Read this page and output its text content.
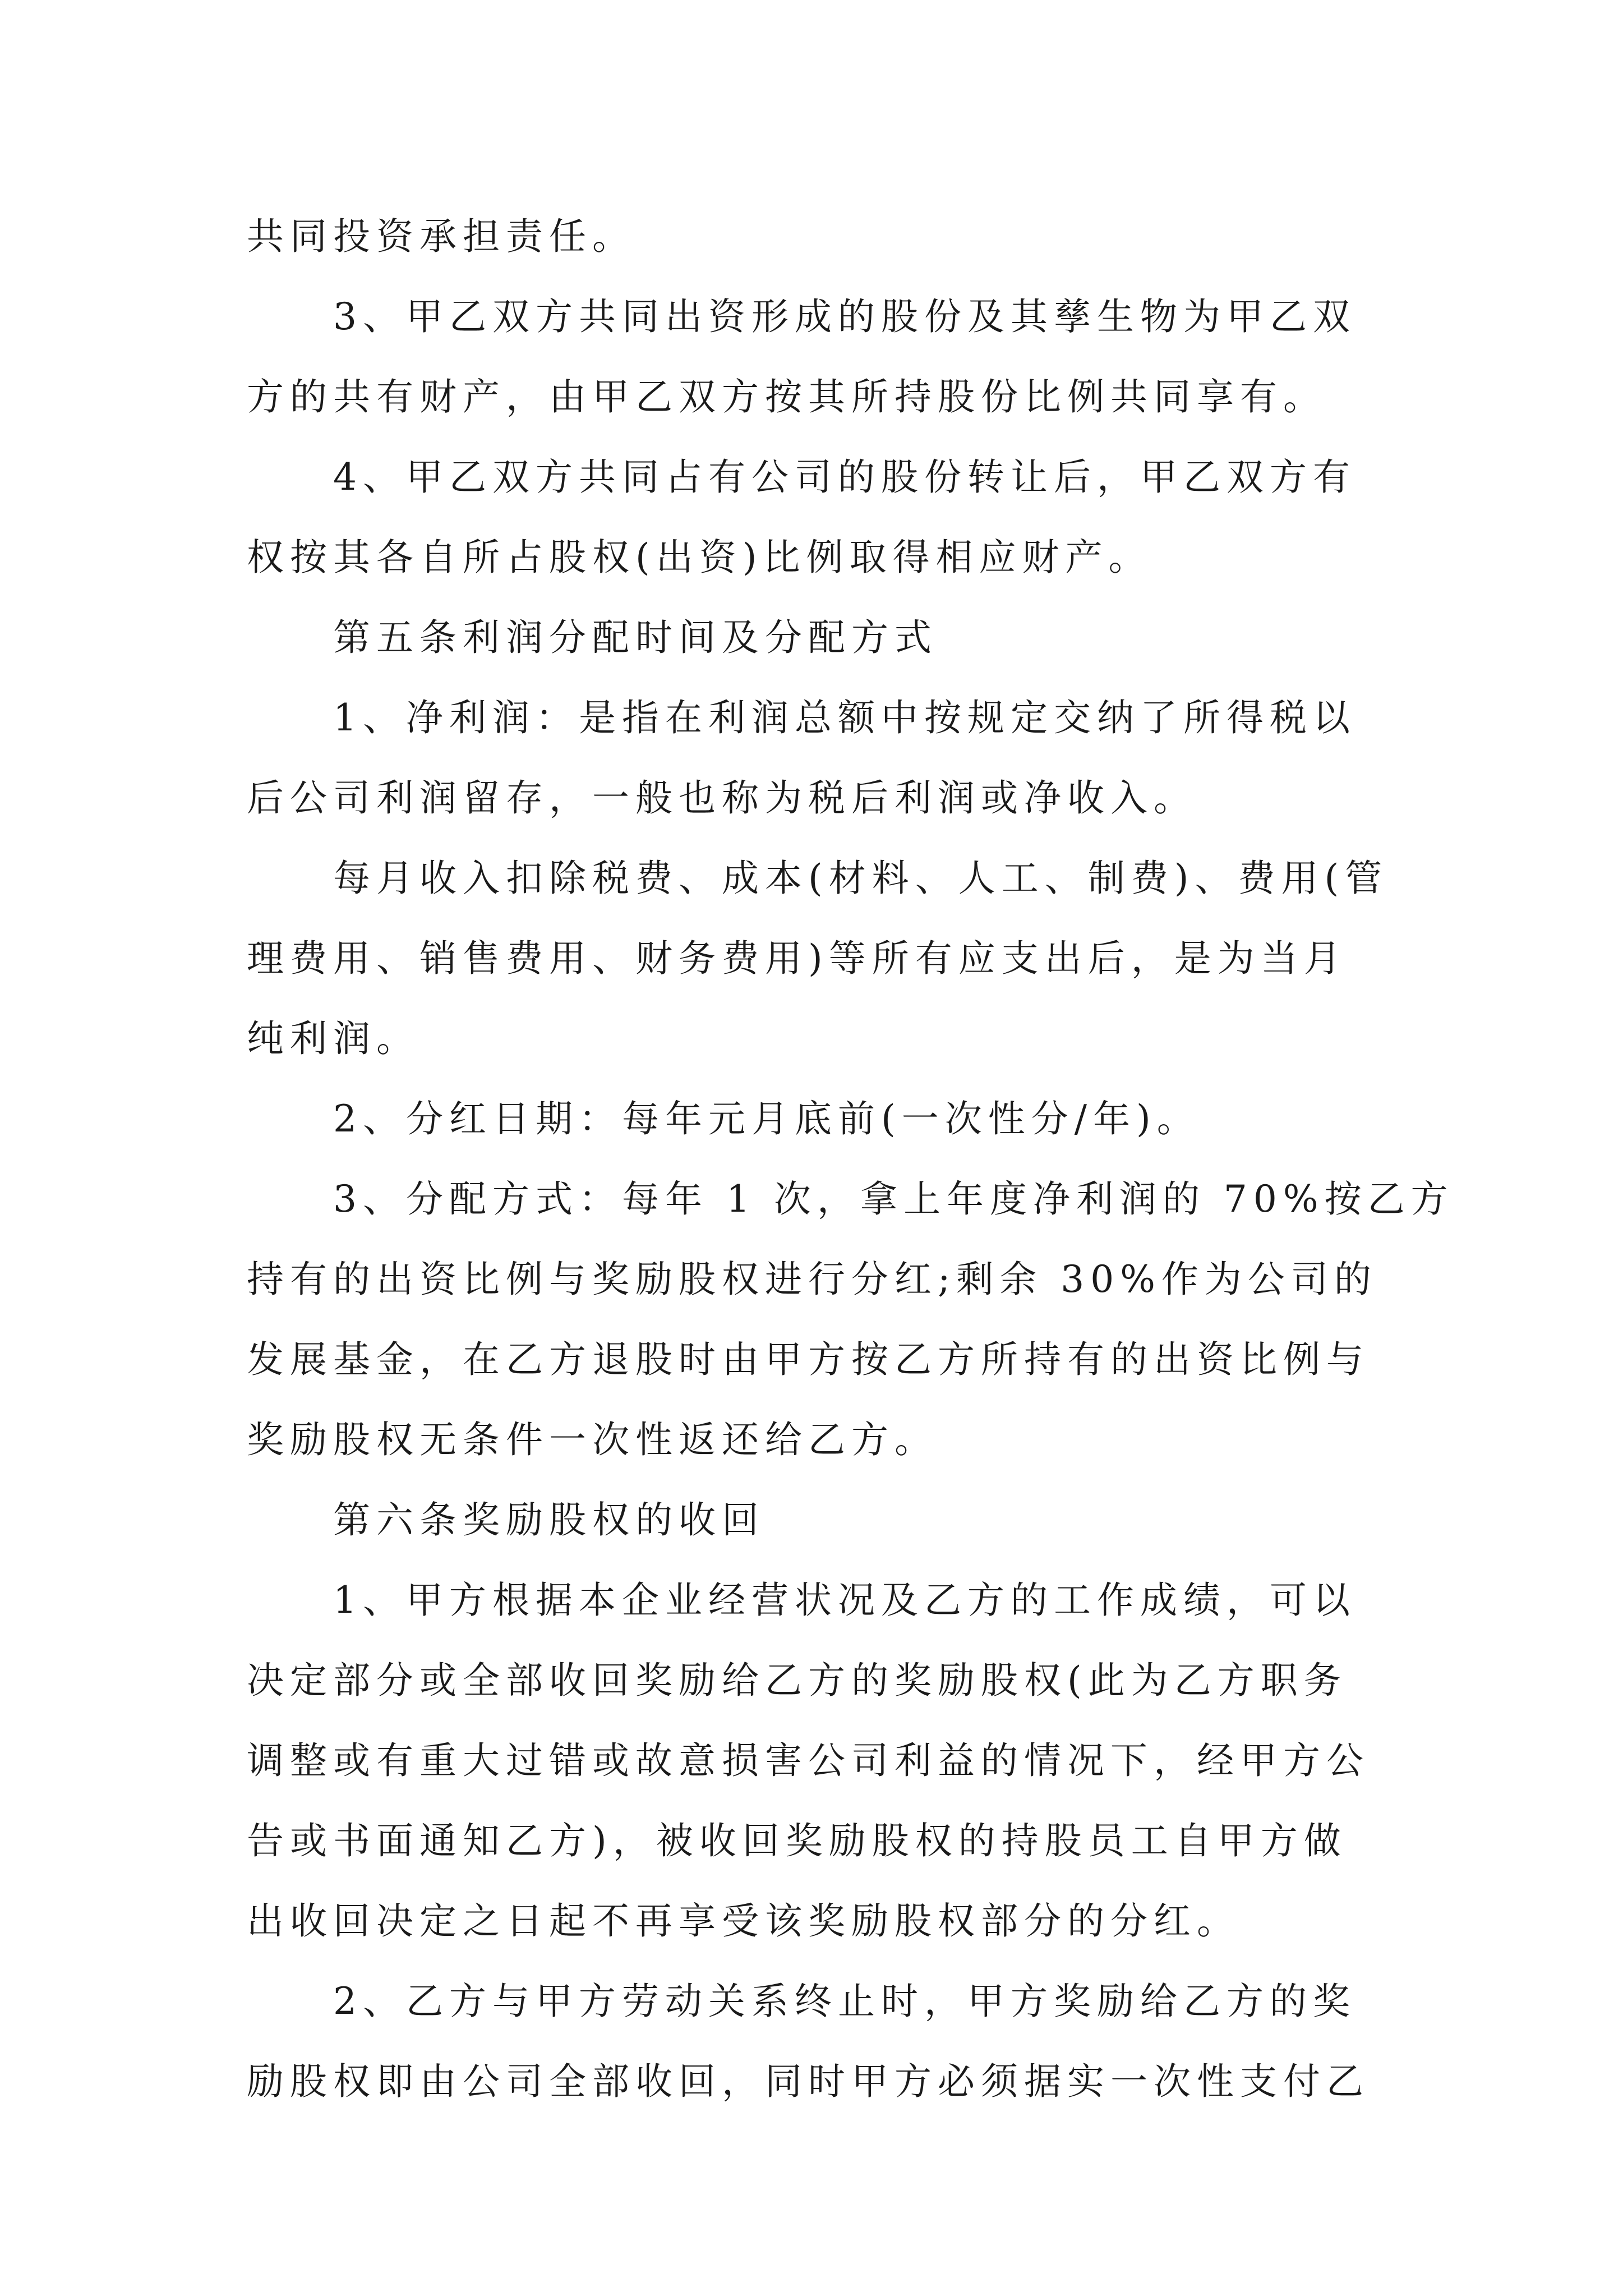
共同投资承担责任。

3、甲乙双方共同出资形成的股份及其孳生物为甲乙双
方的共有财产，由甲乙双方按其所持股份比例共同享有。

4、甲乙双方共同占有公司的股份转让后，甲乙双方有
权按其各自所占股权(出资)比例取得相应财产。

第五条利润分配时间及分配方式

1、净利润：是指在利润总额中按规定交纳了所得税以
后公司利润留存，一般也称为税后利润或净收入。

每月收入扣除税费、成本(材料、人工、制费)、费用(管
理费用、销售费用、财务费用)等所有应支出后，是为当月
纯利润。

2、分红日期：每年元月底前(一次性分/年)。

3、分配方式：每年 1 次，拿上年度净利润的 70%按乙方
持有的出资比例与奖励股权进行分红;剩余 30%作为公司的
发展基金，在乙方退股时由甲方按乙方所持有的出资比例与
奖励股权无条件一次性返还给乙方。

第六条奖励股权的收回

1、甲方根据本企业经营状况及乙方的工作成绩，可以
决定部分或全部收回奖励给乙方的奖励股权(此为乙方职务
调整或有重大过错或故意损害公司利益的情况下，经甲方公
告或书面通知乙方)，被收回奖励股权的持股员工自甲方做
出收回决定之日起不再享受该奖励股权部分的分红。

2、乙方与甲方劳动关系终止时，甲方奖励给乙方的奖
励股权即由公司全部收回，同时甲方必须据实一次性支付乙
